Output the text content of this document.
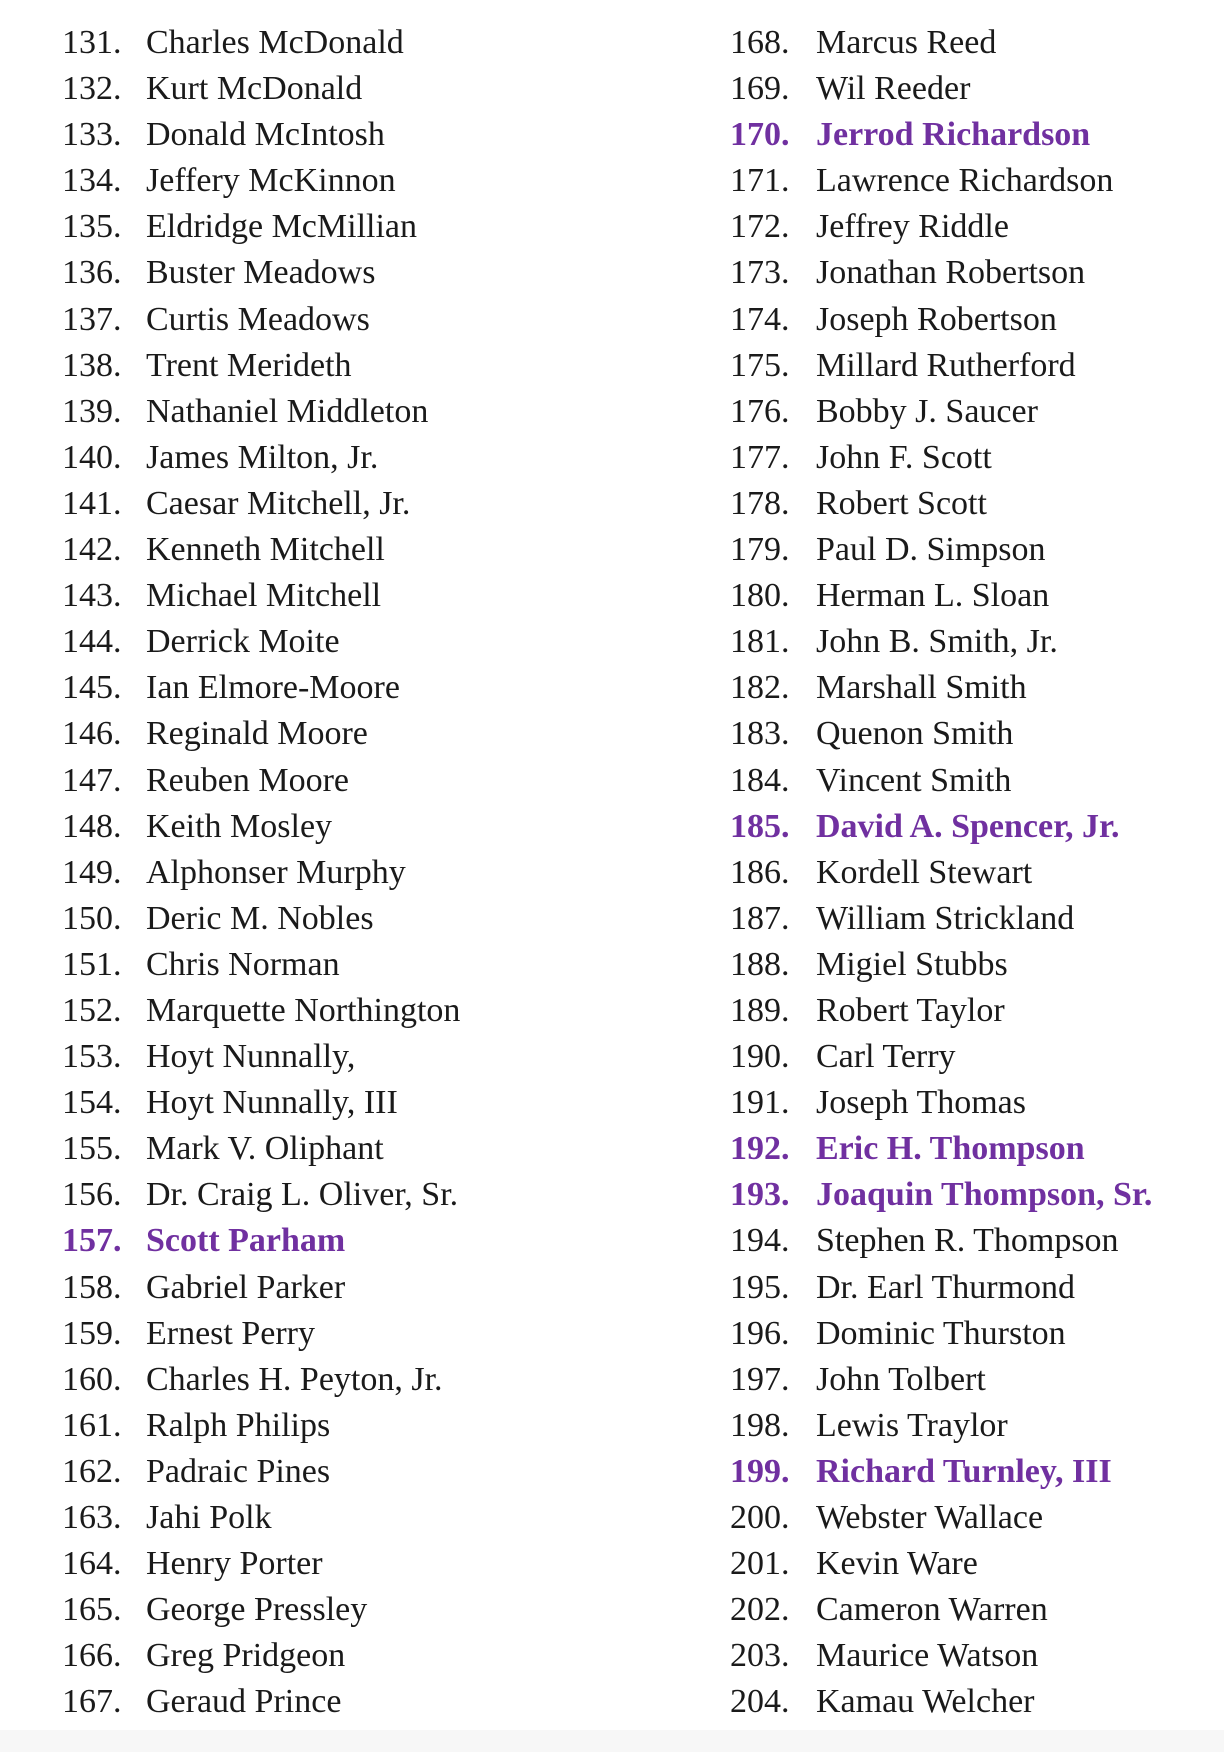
131. Charles McDonald
132. Kurt McDonald
133. Donald McIntosh
134. Jeffery McKinnon
135. Eldridge McMillian
136. Buster Meadows
137. Curtis Meadows
138. Trent Merideth
139. Nathaniel Middleton
140. James Milton, Jr.
141. Caesar Mitchell, Jr.
142. Kenneth Mitchell
143. Michael Mitchell
144. Derrick Moite
145. Ian Elmore-Moore
146. Reginald Moore
147. Reuben Moore
148. Keith Mosley
149. Alphonser Murphy
150. Deric M. Nobles
151. Chris Norman
152. Marquette Northington
153. Hoyt Nunnally,
154. Hoyt Nunnally, III
155. Mark V. Oliphant
156. Dr. Craig L. Oliver, Sr.
157. Scott Parham
158. Gabriel Parker
159. Ernest Perry
160. Charles H. Peyton, Jr.
161. Ralph Philips
162. Padraic Pines
163. Jahi Polk
164. Henry Porter
165. George Pressley
166. Greg Pridgeon
167. Geraud Prince
168. Marcus Reed
169. Wil Reeder
170. Jerrod Richardson
171. Lawrence Richardson
172. Jeffrey Riddle
173. Jonathan Robertson
174. Joseph Robertson
175. Millard Rutherford
176. Bobby J. Saucer
177. John F. Scott
178. Robert Scott
179. Paul D. Simpson
180. Herman L. Sloan
181. John B. Smith, Jr.
182. Marshall Smith
183. Quenon Smith
184. Vincent Smith
185. David A. Spencer, Jr.
186. Kordell Stewart
187. William Strickland
188. Migiel Stubbs
189. Robert Taylor
190. Carl Terry
191. Joseph Thomas
192. Eric H. Thompson
193. Joaquin Thompson, Sr.
194. Stephen R. Thompson
195. Dr. Earl Thurmond
196. Dominic Thurston
197. John Tolbert
198. Lewis Traylor
199. Richard Turnley, III
200. Webster Wallace
201. Kevin Ware
202. Cameron Warren
203. Maurice Watson
204. Kamau Welcher
